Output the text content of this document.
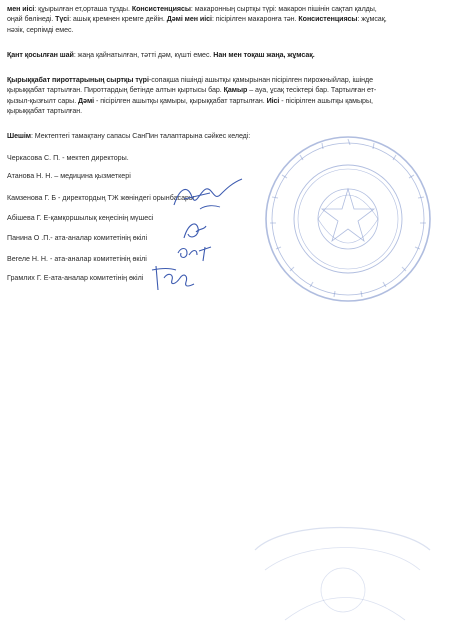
мен иісі: құырылған ет,орташа тұзды. Консистенциясы: макаронның сыртқы түрі: макарон пішінін сақтап қалды,

оңай бөлінеді. Түсі: ашық кремнен кремге дейін. Дәмі мен иісі: пісірілген макаронға тән. Консистенциясы: жұмсақ,

нәзік, серпімді емес.

Қант қосылған шай: жаңа қайнатылған, тәтті дәм, күшті емес. Нан мен тоқаш жаңа, жұмсақ.

Қырыққабат пироттарының сыртқы түрі-сопақша пішінді ашытқы қамырынан пісірілген пирожныйлар, ішінде

қырыққабат тартылған. Пироттардың бетінде алтын қыртысы бар. Қамыр – ауа, ұсақ тесіктері бар. Тартылған ет-

қызыл-қызғылт сары. Дәмі - пісірілген ашытқы қамыры, қырыққабат тартылған. Иісі - пісірілген ашытқы қамыры,

қырыққабат тартылған.

Шешім: Мектептегі тамақтану сапасы СанПин талаптарына сәйкес келеді:

Черкасова С. П. - мектеп директоры.
Атанова Н. Н. – медицина қызметкері
Камзенова Г. Б - директордың ТЖ жөніндегі орынбасары
Абішева Г. Е-қамқоршылық кеңесінің мүшесі
Панина О .П.- ата-аналар комитетінің өкілі
Вегеле Н. Н. - ата-аналар комитетінің өкілі
Грамлих Г. Е-ата-аналар комитетінің өкілі
